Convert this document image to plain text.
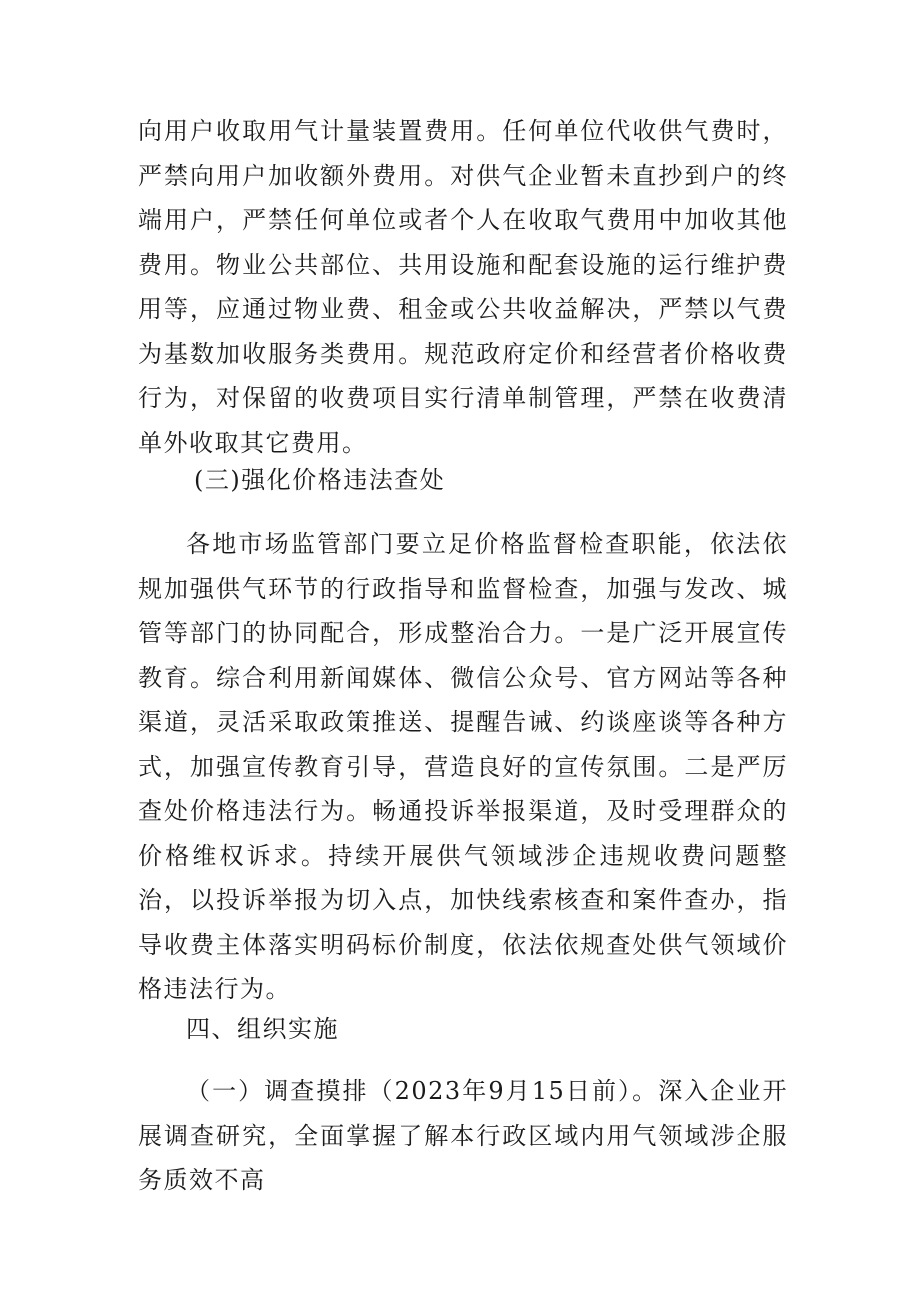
向用户收取用气计量装置费用。任何单位代收供气费时，严禁向用户加收额外费用。对供气企业暂未直抄到户的终端用户，严禁任何单位或者个人在收取气费用中加收其他费用。物业公共部位、共用设施和配套设施的运行维护费用等，应通过物业费、租金或公共收益解决，严禁以气费为基数加收服务类费用。规范政府定价和经营者价格收费行为，对保留的收费项目实行清单制管理，严禁在收费清单外收取其它费用。

(三)强化价格违法查处

各地市场监管部门要立足价格监督检查职能，依法依规加强供气环节的行政指导和监督检查，加强与发改、城管等部门的协同配合，形成整治合力。一是广泛开展宣传教育。综合利用新闻媒体、微信公众号、官方网站等各种渠道，灵活采取政策推送、提醒告诫、约谈座谈等各种方式，加强宣传教育引导，营造良好的宣传氛围。二是严厉查处价格违法行为。畅通投诉举报渠道，及时受理群众的价格维权诉求。持续开展供气领域涉企违规收费问题整治，以投诉举报为切入点，加快线索核查和案件查办，指导收费主体落实明码标价制度，依法依规查处供气领域价格违法行为。

四、组织实施

（一）调查摸排（2023年9月15日前）。深入企业开展调查研究，全面掌握了解本行政区域内用气领域涉企服务质效不高
